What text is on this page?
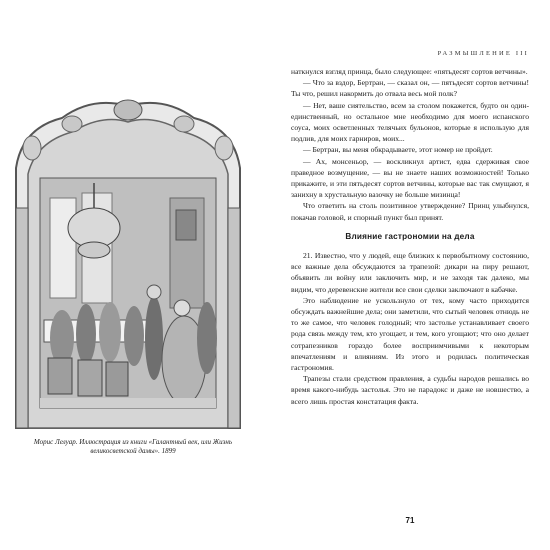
Морис Лелуар. Иллюстрация из книги «Галантный век, или Жизнь великосветской дамы». 1899
РАЗМЫШЛЕНИЕ III

наткнулся взгляд принца, было следующее: «пятьдесят сортов ветчины».

— Что за вздор, Бертран, — сказал он, — пятьдесят сортов ветчины! Ты что, решил накормить до отвала весь мой полк?

— Нет, ваше сиятельство, всем за столом покажется, будто он один-единственный, но остальное мне необходимо для моего испанского соуса, моих осветленных телячьих бульонов, которые я использую для подлив, для моих гарниров, моих...

— Бертран, вы меня обкрадываете, этот номер не пройдет.

— Ах, монсеньор, — воскликнул артист, едва сдерживая свое праведное возмущение, — вы не знаете наших возможностей! Только прикажите, и эти пятьдесят сортов ветчины, которые вас так смущают, я занихну в хрустальную вазочку не больше мизинца!

Что ответить на столь позитивное утверждение? Принц улыбнулся, покачав головой, и спорный пункт был принят.

Влияние гастрономии на дела

21. Известно, что у людей, еще близких к первобытному состоянию, все важные дела обсуждаются за трапезой: дикари на пиру решают, объявить ли войну или заключить мир, и не заходя так далеко, мы видим, что деревенские жители все свои сделки заключают в кабачке.

Это наблюдение не ускользнуло от тех, кому часто приходится обсуждать важнейшие дела; они заметили, что сытый человек отнюдь не то же самое, что человек голодный; что застолье устанавливает своего рода связь между тем, кто угощает, и тем, кого угощают; что оно делает сотрапезников гораздо более восприимчивыми к некоторым впечатлениям и влияниям. Из этого и родилась политическая гастрономия.

Трапезы стали средством правления, а судьбы народов решались во время какого-нибудь застолья. Это не парадокс и даже не новшество, а всего лишь простая констатация факта.

71
